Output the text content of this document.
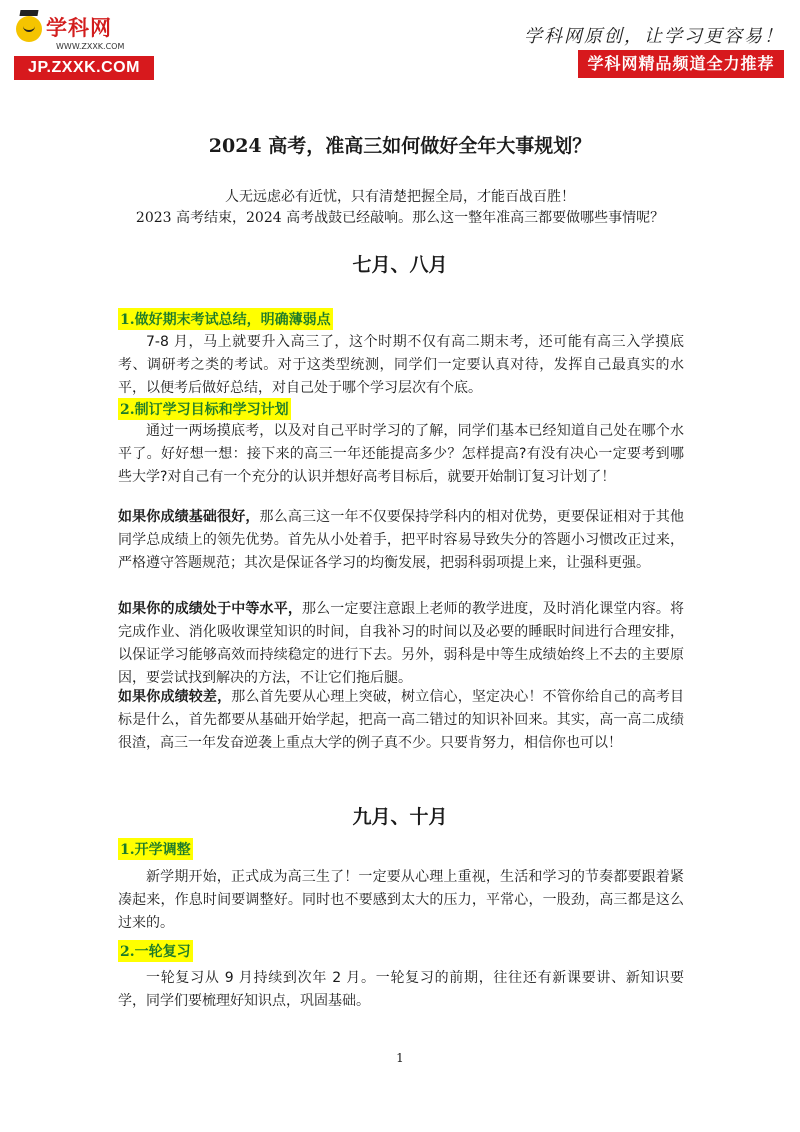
学科网
WWW.ZXXK.COM
JP.ZXXK.COM
学科网原创，让学习更容易！
学科网精品频道全力推荐
2024 高考，准高三如何做好全年大事规划？
人无远虑必有近忧，只有清楚把握全局，才能百战百胜！
2023 高考结束，2024 高考战鼓已经敲响。那么这一整年准高三都要做哪些事情呢？
七月、八月
1.做好期末考试总结，明确薄弱点

7-8 月，马上就要升入高三了，这个时期不仅有高二期末考，还可能有高三入学摸底考、调研考之类的考试。对于这类型统测，同学们一定要认真对待，发挥自己最真实的水平，以便考后做好总结，对自己处于哪个学习层次有个底。

2.制订学习目标和学习计划

通过一两场摸底考，以及对自己平时学习的了解，同学们基本已经知道自己处在哪个水平了。好好想一想：接下来的高三一年还能提高多少？怎样提高?有没有决心一定要考到哪些大学?对自己有一个充分的认识并想好高考目标后，就要开始制订复习计划了！

如果你成绩基础很好，那么高三这一年不仅要保持学科内的相对优势，更要保证相对于其他同学总成绩上的领先优势。首先从小处着手，把平时容易导致失分的答题小习惯改正过来，严格遵守答题规范；其次是保证各学习的均衡发展，把弱科弱项提上来，让强科更强。

如果你的成绩处于中等水平，那么一定要注意跟上老师的教学进度，及时消化课堂内容。将完成作业、消化吸收课堂知识的时间，自我补习的时间以及必要的睡眠时间进行合理安排，以保证学习能够高效而持续稳定的进行下去。另外，弱科是中等生成绩始终上不去的主要原因，要尝试找到解决的方法，不让它们拖后腿。

如果你成绩较差，那么首先要从心理上突破，树立信心，坚定决心！不管你给自己的高考目标是什么，首先都要从基础开始学起，把高一高二错过的知识补回来。其实，高一高二成绩很渣，高三一年发奋逆袭上重点大学的例子真不少。只要肯努力，相信你也可以！

九月、十月
1.开学调整

新学期开始，正式成为高三生了！一定要从心理上重视，生活和学习的节奏都要跟着紧凑起来，作息时间要调整好。同时也不要感到太大的压力，平常心，一股劲，高三都是这么过来的。

2.一轮复习

一轮复习从 9 月持续到次年 2 月。一轮复习的前期，往往还有新课要讲、新知识要学，同学们要梳理好知识点，巩固基础。

1
